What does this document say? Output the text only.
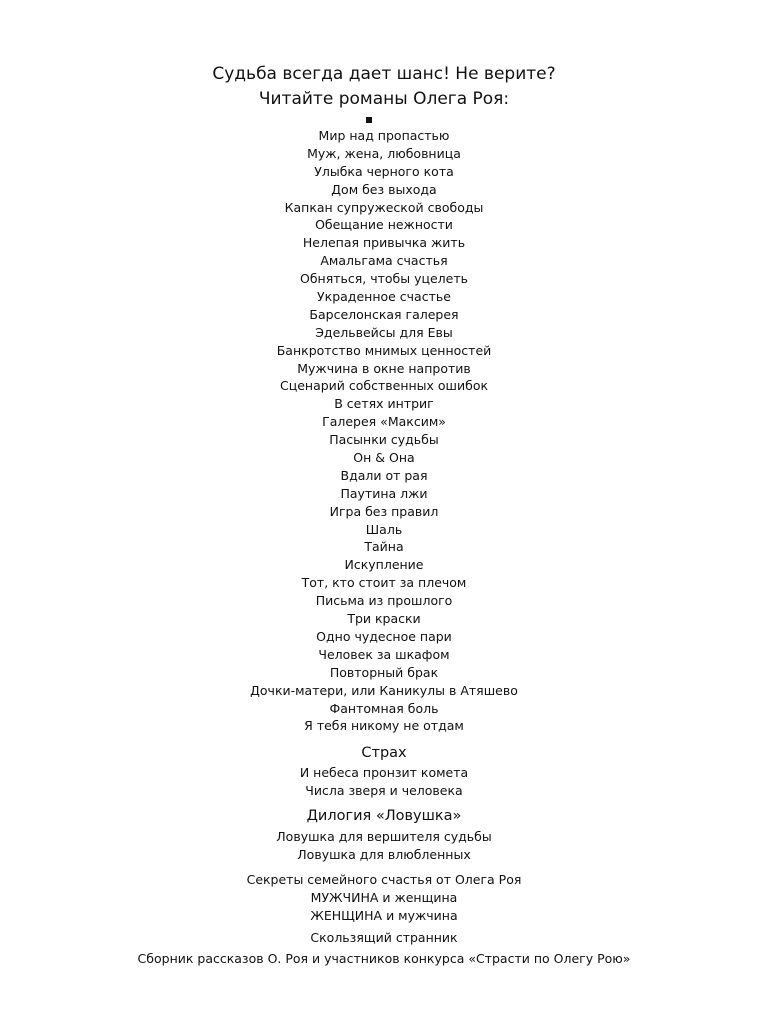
Судьба всегда дает шанс! Не верите?

Читайте романы Олега Роя:

Мир над пропастью
Муж, жена, любовница
Улыбка черного кота
Дом без выхода
Капкан супружеской свободы
Обещание нежности
Нелепая привычка жить
Амальгама счастья
Обняться, чтобы уцелеть
Украденное счастье
Барселонская галерея
Эдельвейсы для Евы
Банкротство мнимых ценностей
Мужчина в окне напротив
Сценарий собственных ошибок
В сетях интриг
Галерея «Максим»
Пасынки судьбы
Он & Она
Вдали от рая
Паутина лжи
Игра без правил
Шаль
Тайна
Искупление
Тот, кто стоит за плечом
Письма из прошлого
Три краски
Одно чудесное пари
Человек за шкафом
Повторный брак
Дочки-матери, или Каникулы в Атяшево
Фантомная боль
Я тебя никому не отдам
Страх
И небеса пронзит комета
Числа зверя и человека
Дилогия «Ловушка»
Ловушка для вершителя судьбы
Ловушка для влюбленных
Секреты семейного счастья от Олега Роя
МУЖЧИНА и женщина
ЖЕНЩИНА и мужчина
Скользящий странник
Сборник рассказов О. Роя и участников конкурса «Страсти по Олегу Рою»
